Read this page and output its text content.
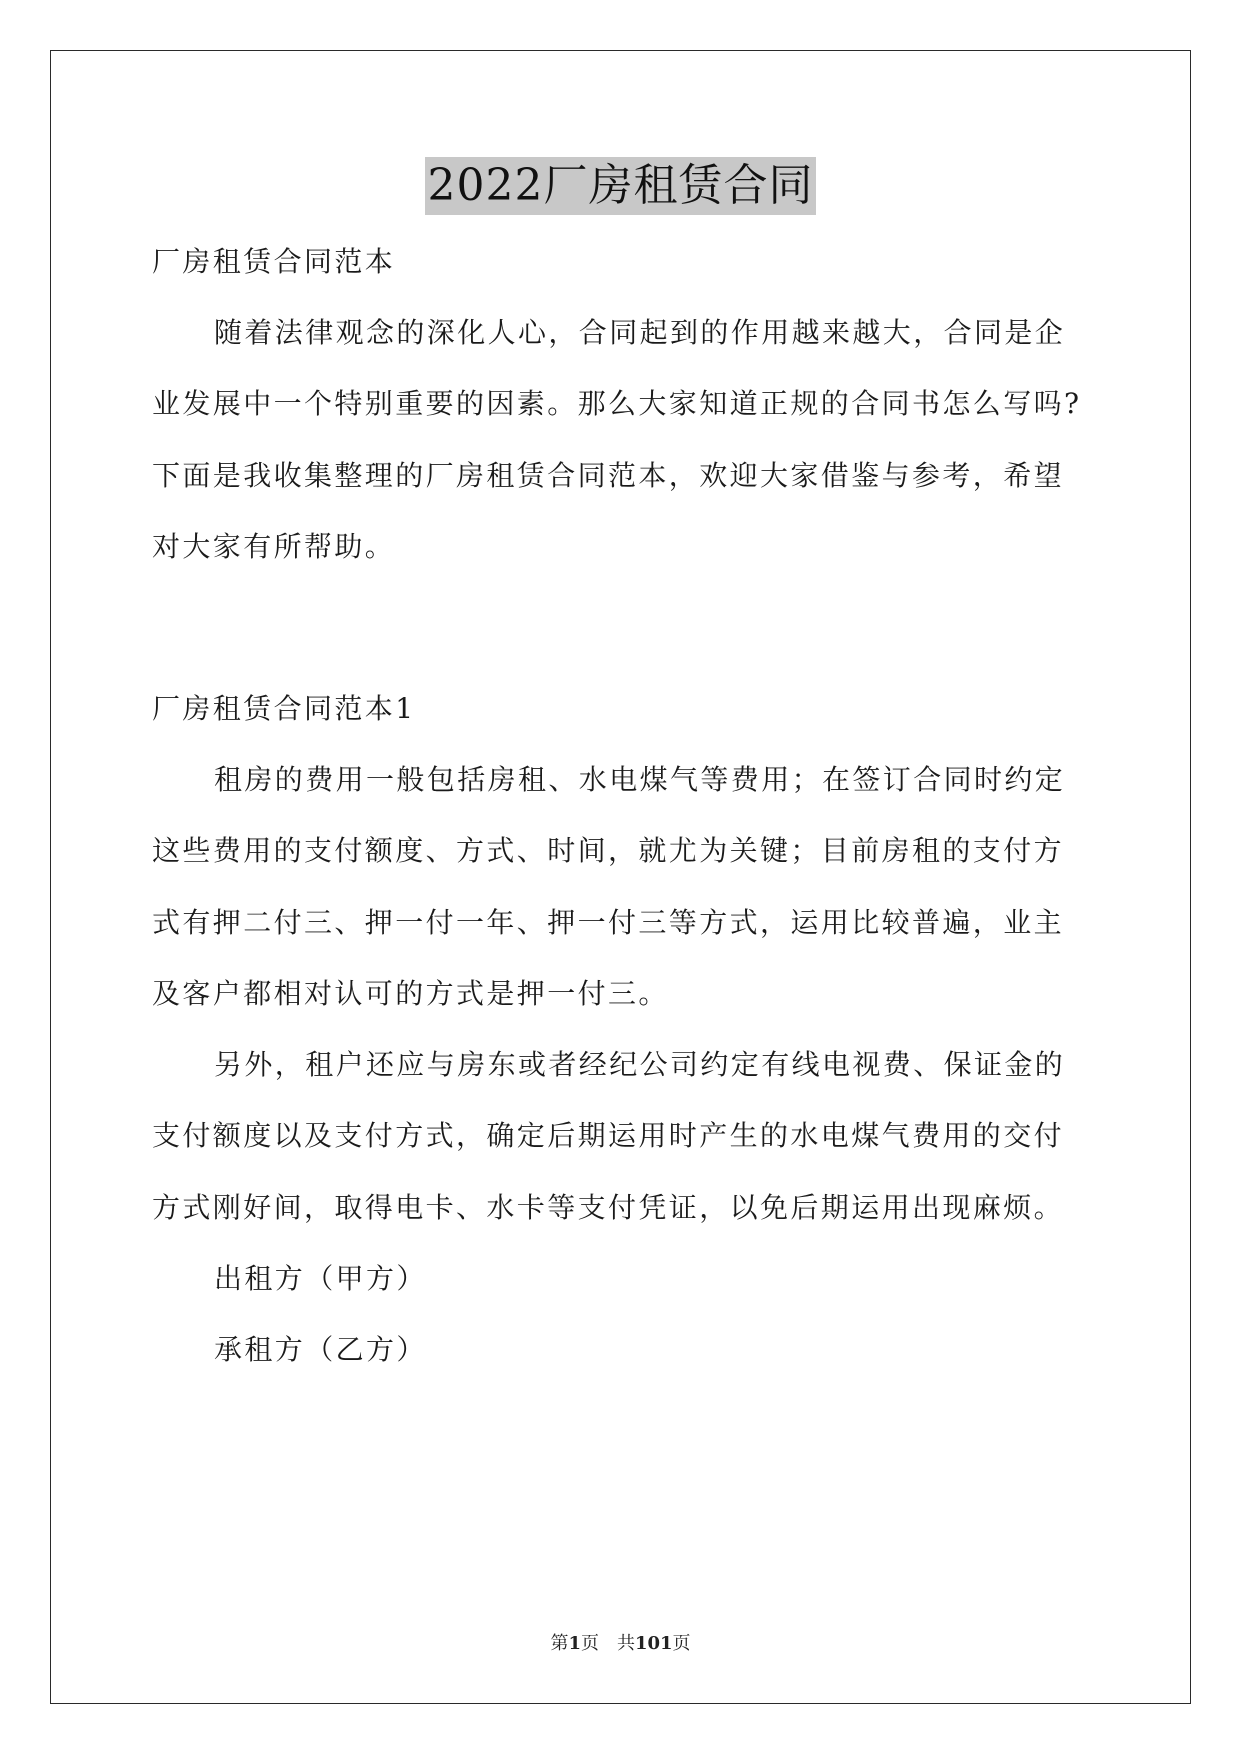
2022厂房租赁合同
厂房租赁合同范本
随着法律观念的深化人心，合同起到的作用越来越大，合同是企
业发展中一个特别重要的因素。那么大家知道正规的合同书怎么写吗?
下面是我收集整理的厂房租赁合同范本，欢迎大家借鉴与参考，希望
对大家有所帮助。
厂房租赁合同范本1
租房的费用一般包括房租、水电煤气等费用；在签订合同时约定
这些费用的支付额度、方式、时间，就尤为关键；目前房租的支付方
式有押二付三、押一付一年、押一付三等方式，运用比较普遍，业主
及客户都相对认可的方式是押一付三。
另外，租户还应与房东或者经纪公司约定有线电视费、保证金的
支付额度以及支付方式，确定后期运用时产生的水电煤气费用的交付
方式刚好间，取得电卡、水卡等支付凭证，以免后期运用出现麻烦。
出租方（甲方）
承租方（乙方）
第1页　共101页
